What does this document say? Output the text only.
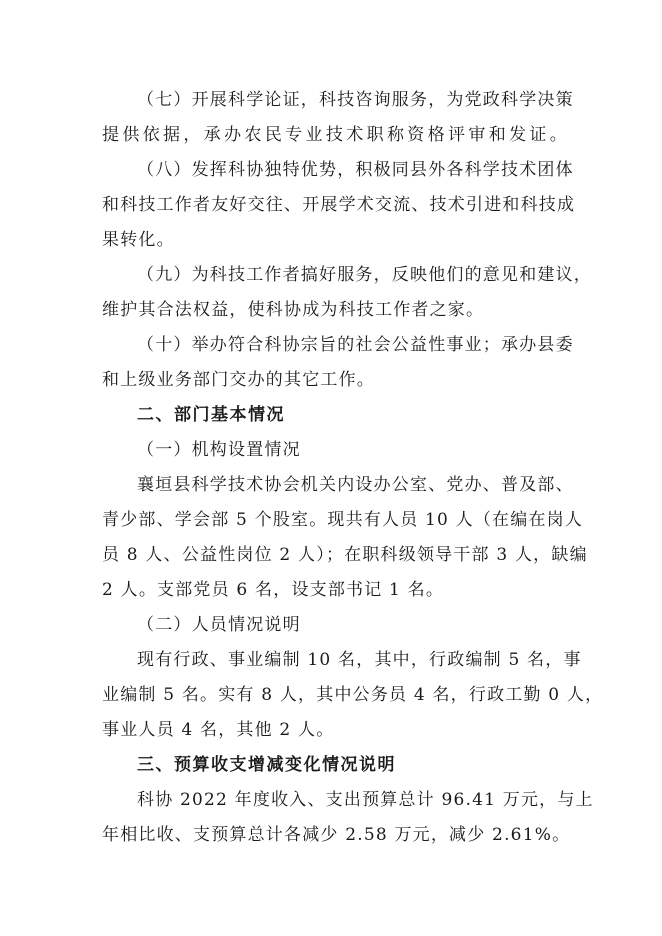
（七）开展科学论证，科技咨询服务，为党政科学决策
提供依据，承办农民专业技术职称资格评审和发证。
（八）发挥科协独特优势，积极同县外各科学技术团体
和科技工作者友好交往、开展学术交流、技术引进和科技成
果转化。
（九）为科技工作者搞好服务，反映他们的意见和建议，
维护其合法权益，使科协成为科技工作者之家。
（十）举办符合科协宗旨的社会公益性事业；承办县委
和上级业务部门交办的其它工作。
二、部门基本情况
（一）机构设置情况
襄垣县科学技术协会机关内设办公室、党办、普及部、
青少部、学会部 5 个股室。现共有人员 10 人（在编在岗人
员 8 人、公益性岗位 2 人）；在职科级领导干部 3 人，缺编
2 人。支部党员 6 名，设支部书记 1 名。
（二）人员情况说明
现有行政、事业编制 10 名，其中，行政编制 5 名，事
业编制 5 名。实有 8 人，其中公务员 4 名，行政工勤 0 人，
事业人员 4 名，其他 2 人。
三、预算收支增减变化情况说明
科协 2022 年度收入、支出预算总计 96.41 万元，与上
年相比收、支预算总计各减少 2.58 万元，减少 2.61%。
